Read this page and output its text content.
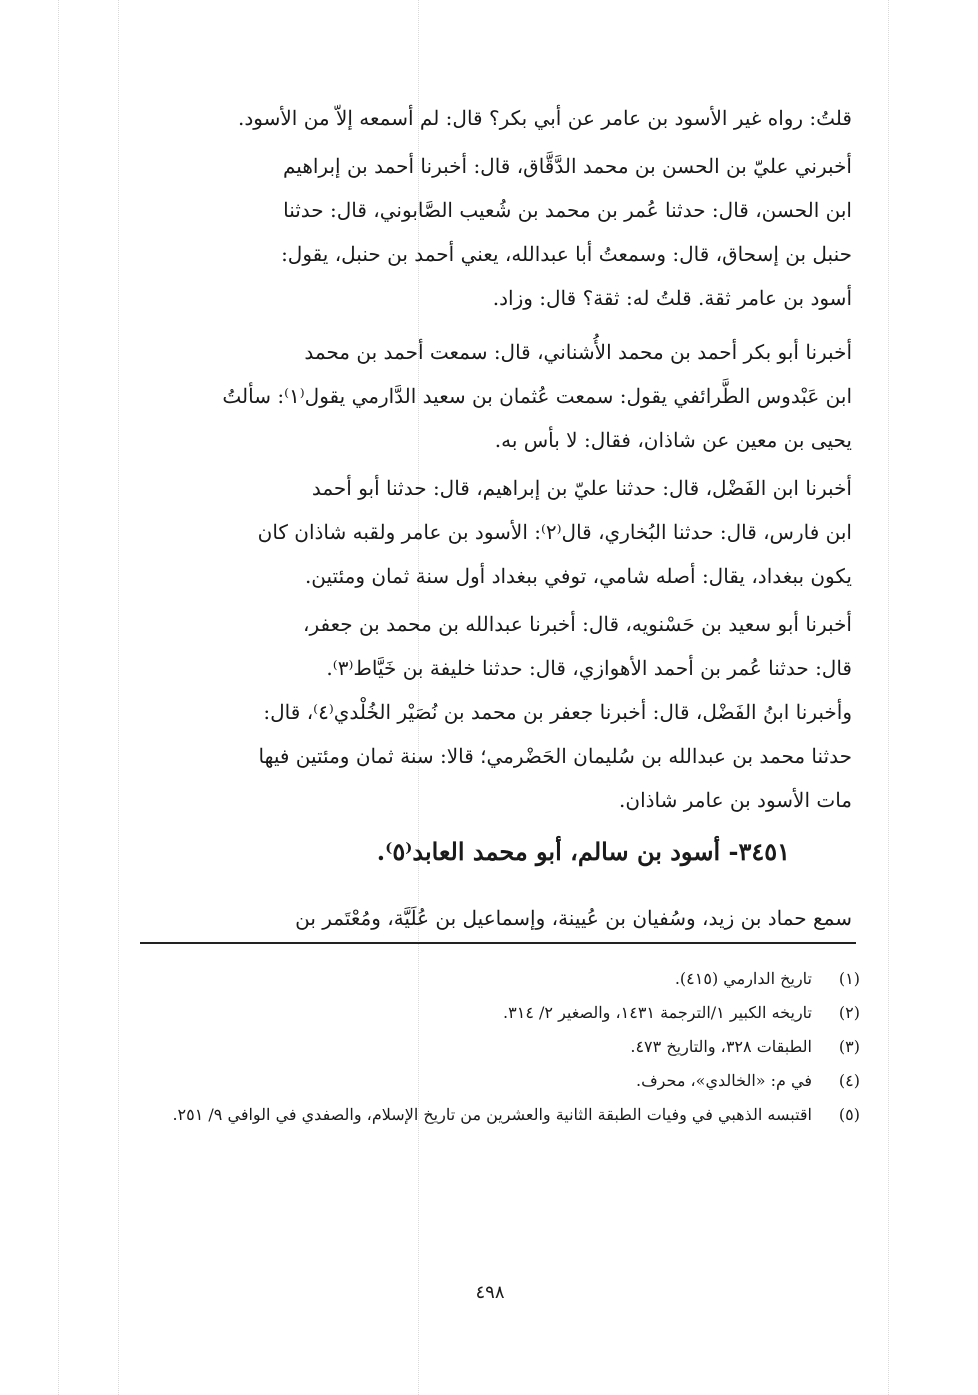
قلتُ: رواه غير الأسود بن عامر عن أبي بكر؟ قال: لم أسمعه إلاّ من الأسود.
أخبرني عليّ بن الحسن بن محمد الدَّقَّاق، قال: أخبرنا أحمد بن إبراهيم
ابن الحسن، قال: حدثنا عُمر بن محمد بن شُعيب الصَّابوني، قال: حدثنا
حنبل بن إسحاق، قال: وسمعتُ أبا عبدالله، يعني أحمد بن حنبل، يقول:
أسود بن عامر ثقة. قلتُ له: ثقة؟ قال: وزاد.
أخبرنا أبو بكر أحمد بن محمد الأُشناني، قال: سمعت أحمد بن محمد
ابن عَبْدوس الطَّرائفي يقول: سمعت عُثمان بن سعيد الدَّارمي يقول⁽١⁾: سألتُ
يحيى بن معين عن شاذان، فقال: لا بأس به.
أخبرنا ابن الفَضْل، قال: حدثنا عليّ بن إبراهيم، قال: حدثنا أبو أحمد
ابن فارس، قال: حدثنا البُخاري، قال⁽٢⁾: الأسود بن عامر ولقبه شاذان كان
يكون ببغداد، يقال: أصله شامي، توفي ببغداد أول سنة ثمان ومئتين.
أخبرنا أبو سعيد بن حَسْنويه، قال: أخبرنا عبدالله بن محمد بن جعفر،
قال: حدثنا عُمر بن أحمد الأهوازي، قال: حدثنا خليفة بن خَيَّاط⁽٣⁾.
وأخبرنا ابنُ الفَضْل، قال: أخبرنا جعفر بن محمد بن نُصَيْر الخُلْدي⁽٤⁾، قال:
حدثنا محمد بن عبدالله بن سُليمان الحَضْرمي؛ قالا: سنة ثمان ومئتين فيها
مات الأسود بن عامر شاذان.
٣٤٥١- أسود بن سالم، أبو محمد العابد⁽٥⁾.
سمع حماد بن زيد، وسُفيان بن عُيينة، وإسماعيل بن عُلَيَّة، ومُعْتَمر بن
(١)
تاريخ الدارمي (٤١٥).
(٢)
تاريخه الكبير ١/الترجمة ١٤٣١، والصغير ٢/ ٣١٤.
(٣)
الطبقات ٣٢٨، والتاريخ ٤٧٣.
(٤)
في م: «الخالدي»، محرف.
(٥)
اقتبسه الذهبي في وفيات الطبقة الثانية والعشرين من تاريخ الإسلام، والصفدي في الوافي ٩/ ٢٥١.
٤٩٨
